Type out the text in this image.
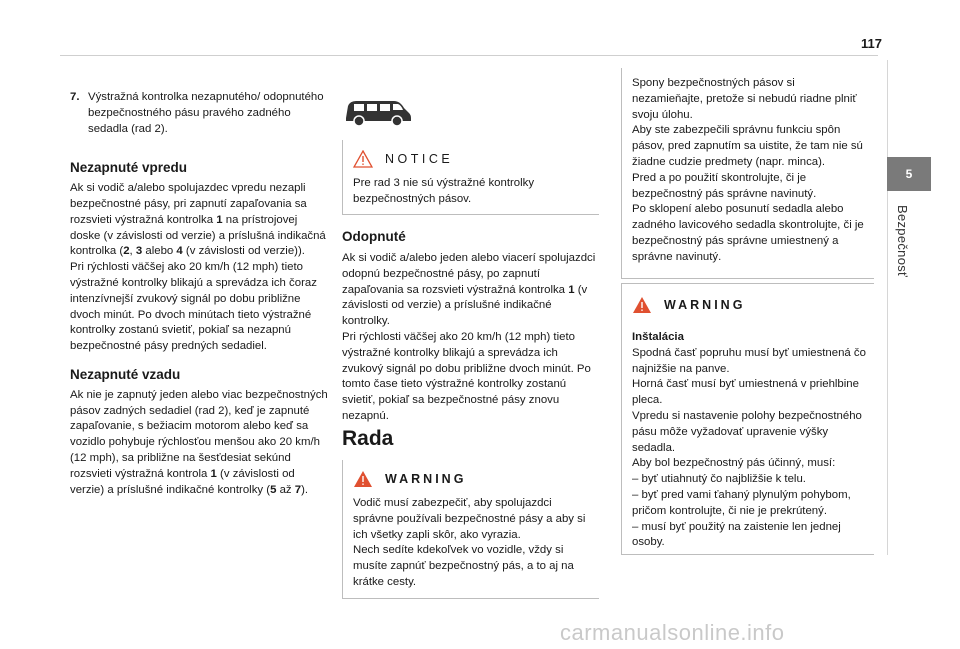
117
5
Bezpečnosť
7. Výstražná kontrolka nezapnutého/ odopnutého bezpečnostného pásu pravého zadného sedadla (rad 2).
Nezapnuté vpredu

Ak si vodič a/alebo spolujazdec vpredu nezapli bezpečnostné pásy, pri zapnutí zapaľovania sa rozsvieti výstražná kontrolka 1 na prístrojovej doske (v závislosti od verzie) a príslušná indikačná kontrolka (2, 3 alebo 4 (v závislosti od verzie)).

Pri rýchlosti väčšej ako 20 km/h (12 mph) tieto výstražné kontrolky blikajú a sprevádza ich čoraz intenzívnejší zvukový signál po dobu približne dvoch minút. Po dvoch minútach tieto výstražné kontrolky zostanú svietiť, pokiaľ sa nezapnú bezpečnostné pásy predných sedadiel.

Nezapnuté vzadu

Ak nie je zapnutý jeden alebo viac bezpečnostných pásov zadných sedadiel (rad 2), keď je zapnuté zapaľovanie, s bežiacim motorom alebo keď sa vozidlo pohybuje rýchlosťou menšou ako 20 km/h (12 mph), sa približne na šesťdesiat sekúnd rozsvieti výstražná kontrola 1 (v závislosti od verzie) a príslušné indikačné kontrolky (5 až 7).

NOTICE
Pre rad 3 nie sú výstražné kontrolky bezpečnostných pásov.
Odopnuté

Ak si vodič a/alebo jeden alebo viacerí spolujazdci odopnú bezpečnostné pásy, po zapnutí zapaľovania sa rozsvieti výstražná kontrolka 1 (v závislosti od verzie) a príslušné indikačné kontrolky.

Pri rýchlosti väčšej ako 20 km/h (12 mph) tieto výstražné kontrolky blikajú a sprevádza ich zvukový signál po dobu približne dvoch minút. Po tomto čase tieto výstražné kontrolky zostanú svietiť, pokiaľ sa bezpečnostné pásy znovu nezapnú.

Rada
WARNING

Vodič musí zabezpečiť, aby spolujazdci správne používali bezpečnostné pásy a aby si ich všetky zapli skôr, ako vyrazia.

Nech sedíte kdekoľvek vo vozidle, vždy si musíte zapnúť bezpečnostný pás, a to aj na krátke cesty.

Spony bezpečnostných pásov si nezamieňajte, pretože si nebudú riadne plniť svoju úlohu.

Aby ste zabezpečili správnu funkciu spôn pásov, pred zapnutím sa uistite, že tam nie sú žiadne cudzie predmety (napr. minca).

Pred a po použití skontrolujte, či je bezpečnostný pás správne navinutý.

Po sklopení alebo posunutí sedadla alebo zadného lavicového sedadla skontrolujte, či je bezpečnostný pás správne umiestnený a správne navinutý.

WARNING

Inštalácia

Spodná časť popruhu musí byť umiestnená čo najnižšie na panve.

Horná časť musí byť umiestnená v priehlbine pleca.

Vpredu si nastavenie polohy bezpečnostného pásu môže vyžadovať upravenie výšky sedadla.

Aby bol bezpečnostný pás účinný, musí:

– byť utiahnutý čo najbližšie k telu.

– byť pred vami ťahaný plynulým pohybom, pričom kontrolujte, či nie je prekrútený.

– musí byť použitý na zaistenie len jednej osoby.

carmanualsonline.info
